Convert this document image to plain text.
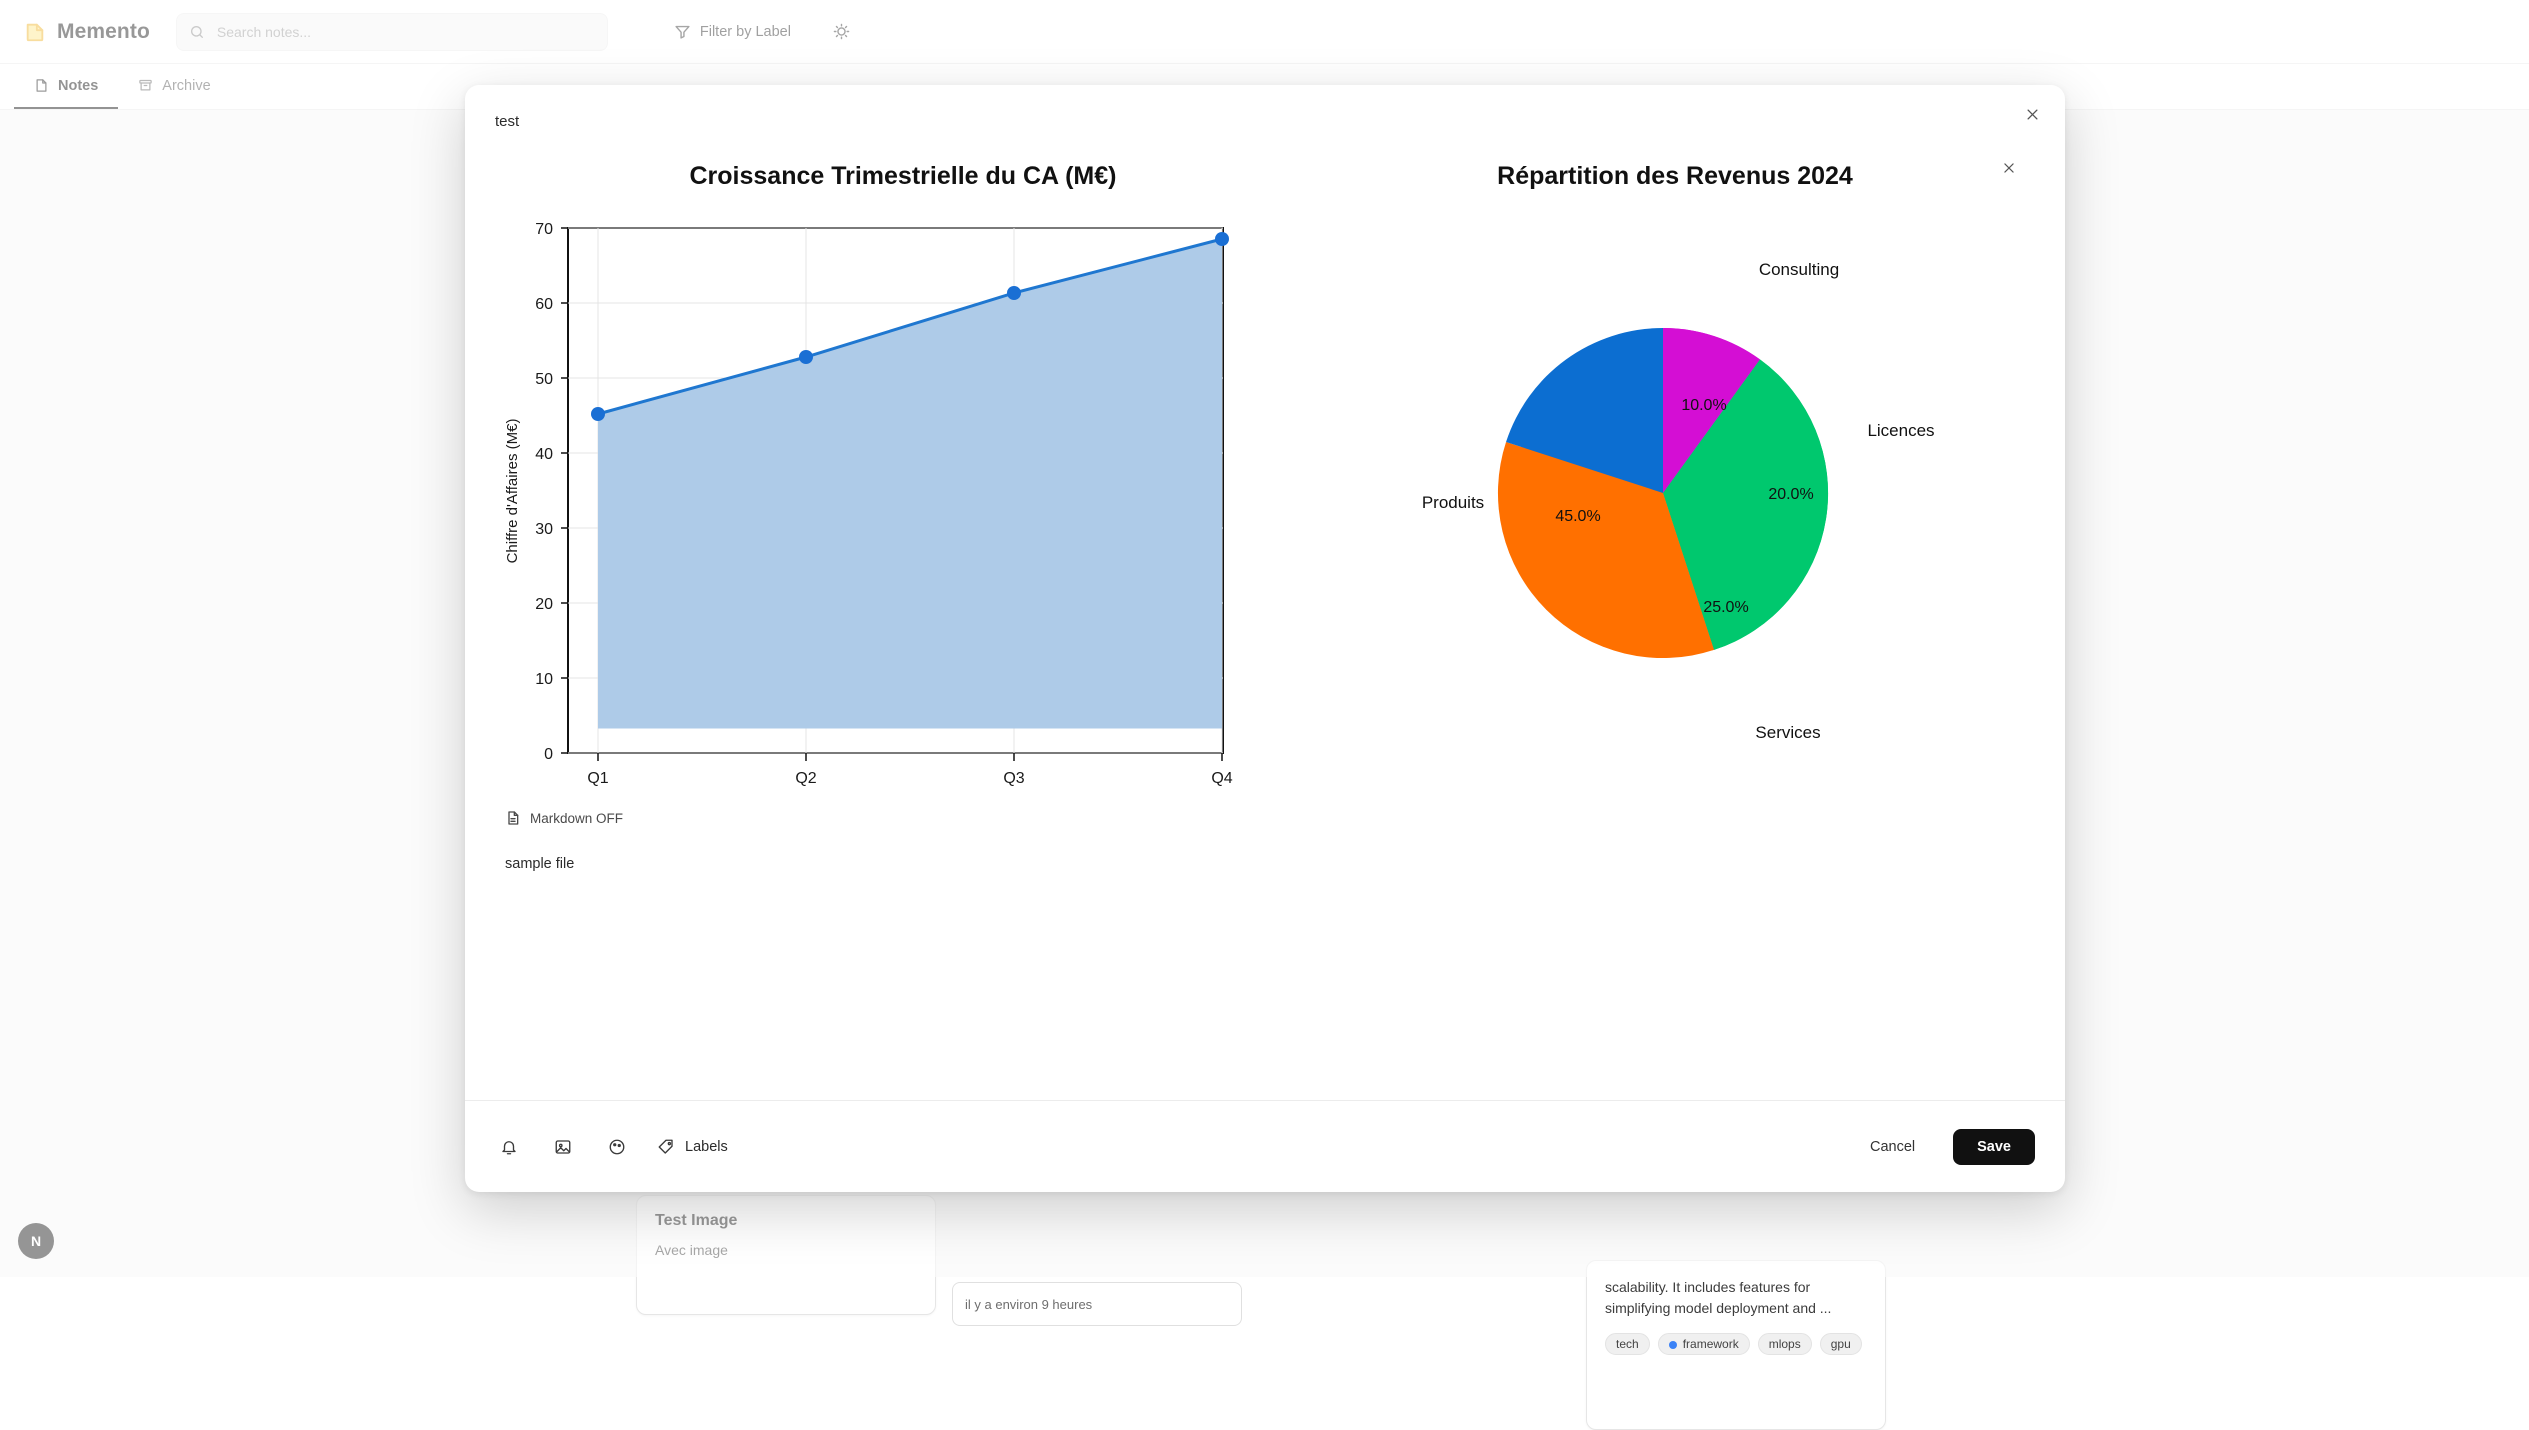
Search notes...
il y a environ 9 heures
scalability. It includes features for simplifying model deployment and ...
tech	framework	mlops	gpu
test
Croissance Trimestrielle du CA (M€)
0
10
20
30
40
50
60
70
Q1	Q2	Q3	Q4
Chiffre d'Affaires (M€)
Répartition des Revenus 2024
10.0%
20.0%
25.0%
45.0%
Consulting
Licences
Services
Produits
Markdown OFF
sample file
Labels	Cancel	Save
